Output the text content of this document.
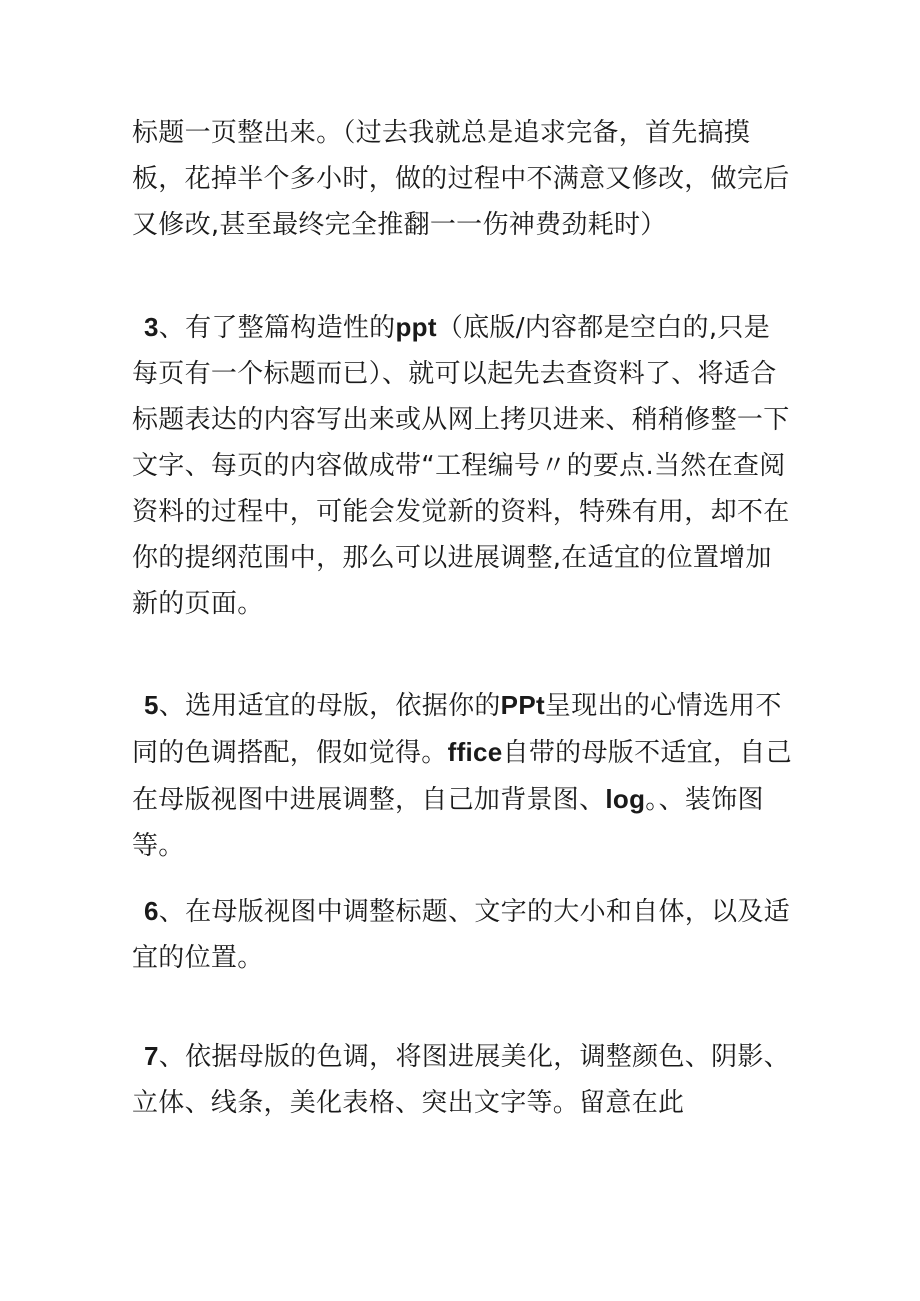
标题一页整出来。（过去我就总是追求完备，首先搞摸板，花掉半个多小时，做的过程中不满意又修改，做完后又修改,甚至最终完全推翻一一伤神费劲耗时）

3、有了整篇构造性的ppt（底版/内容都是空白的,只是每页有一个标题而已）、就可以起先去查资料了、将适合标题表达的内容写出来或从网上拷贝进来、稍稍修整一下文字、每页的内容做成带“工程编号〃的要点.当然在查阅资料的过程中，可能会发觉新的资料，特殊有用，却不在你的提纲范围中，那么可以进展调整,在适宜的位置增加新的页面。

5、选用适宜的母版，依据你的PPt呈现出的心情选用不同的色调搭配，假如觉得。ffice自带的母版不适宜，自己在母版视图中进展调整，自己加背景图、log。、装饰图等。

6、在母版视图中调整标题、文字的大小和自体，以及适宜的位置。

7、依据母版的色调，将图进展美化，调整颜色、阴影、立体、线条，美化表格、突出文字等。留意在此
